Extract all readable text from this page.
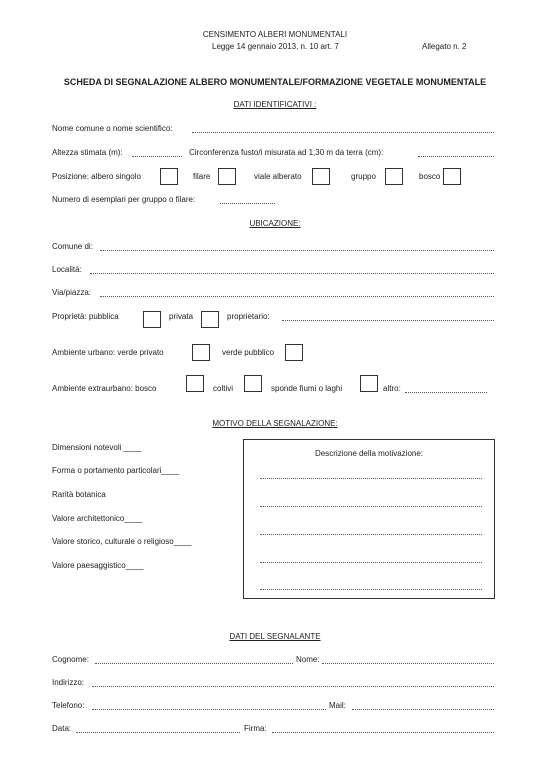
CENSIMENTO ALBERI MONUMENTALI
Legge 14 gennaio 2013, n. 10 art. 7	Allegato n. 2
SCHEDA DI SEGNALAZIONE ALBERO MONUMENTALE/FORMAZIONE VEGETALE MONUMENTALE
DATI IDENTIFICATIVI :
Nome comune o nome scientifico:
Altezza stimata (m):	Circonferenza fusto/i misurata ad 1,30 m da terra (cm):
Posizione: albero singolo	filare	viale alberato	gruppo	bosco
Numero di esemplari per gruppo o filare:
UBICAZIONE:
Comune di:
Località:
Via/piazza:
Proprietà: pubblica	privata	proprietario:
Ambiente urbano: verde privato	verde pubblico
Ambiente extraurbano: bosco	coltivi	sponde fiumi o laghi	altro:
MOTIVO DELLA SEGNALAZIONE:
Dimensioni notevoli ____
Forma o portamento particolari____
Rarità botanica
Valore architettonico____
Valore storico, culturale o religioso____
Valore paesaggistico____
Descrizione della motivazione:
DATI DEL SEGNALANTE
Cognome:	Nome:
Indirizzo:
Telefono:	Mail:
Data:	Firma:
